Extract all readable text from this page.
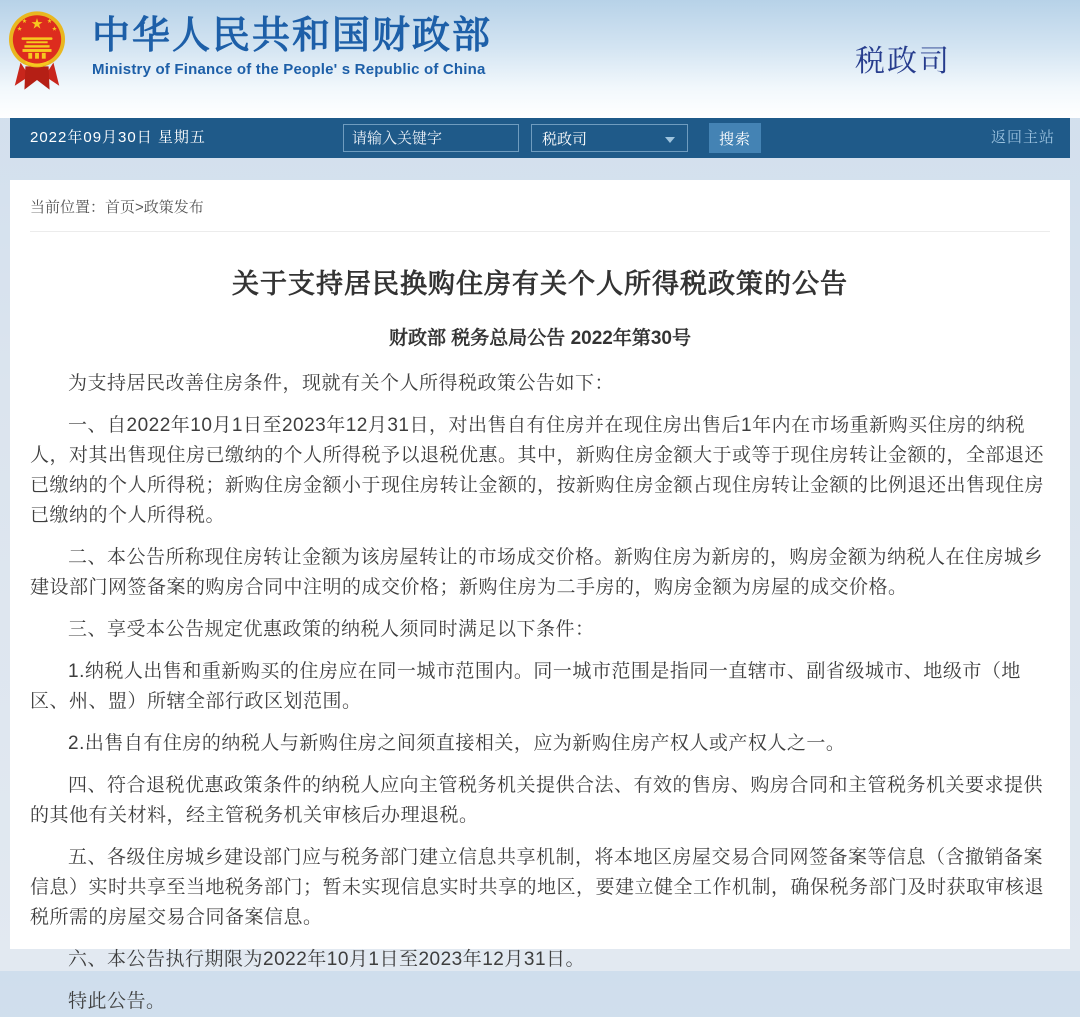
中华人民共和国财政部
Ministry of Finance of the People' s Republic of China	税政司
2022年09月30日 星期五
请输入关键字	税政司	搜索	返回主站
当前位置：首页>政策发布
关于支持居民换购住房有关个人所得税政策的公告
财政部 税务总局公告 2022年第30号

为支持居民改善住房条件，现就有关个人所得税政策公告如下：

一、自2022年10月1日至2023年12月31日，对出售自有住房并在现住房出售后1年内在市场重新购买住房的纳税人，对其出售现住房已缴纳的个人所得税予以退税优惠。其中，新购住房金额大于或等于现住房转让金额的，全部退还已缴纳的个人所得税；新购住房金额小于现住房转让金额的，按新购住房金额占现住房转让金额的比例退还出售现住房已缴纳的个人所得税。

二、本公告所称现住房转让金额为该房屋转让的市场成交价格。新购住房为新房的，购房金额为纳税人在住房城乡建设部门网签备案的购房合同中注明的成交价格；新购住房为二手房的，购房金额为房屋的成交价格。

三、享受本公告规定优惠政策的纳税人须同时满足以下条件：

1.纳税人出售和重新购买的住房应在同一城市范围内。同一城市范围是指同一直辖市、副省级城市、地级市（地区、州、盟）所辖全部行政区划范围。

2.出售自有住房的纳税人与新购住房之间须直接相关，应为新购住房产权人或产权人之一。

四、符合退税优惠政策条件的纳税人应向主管税务机关提供合法、有效的售房、购房合同和主管税务机关要求提供的其他有关材料，经主管税务机关审核后办理退税。

五、各级住房城乡建设部门应与税务部门建立信息共享机制，将本地区房屋交易合同网签备案等信息（含撤销备案信息）实时共享至当地税务部门；暂未实现信息实时共享的地区，要建立健全工作机制，确保税务部门及时获取审核退税所需的房屋交易合同备案信息。

六、本公告执行期限为2022年10月1日至2023年12月31日。

特此公告。
